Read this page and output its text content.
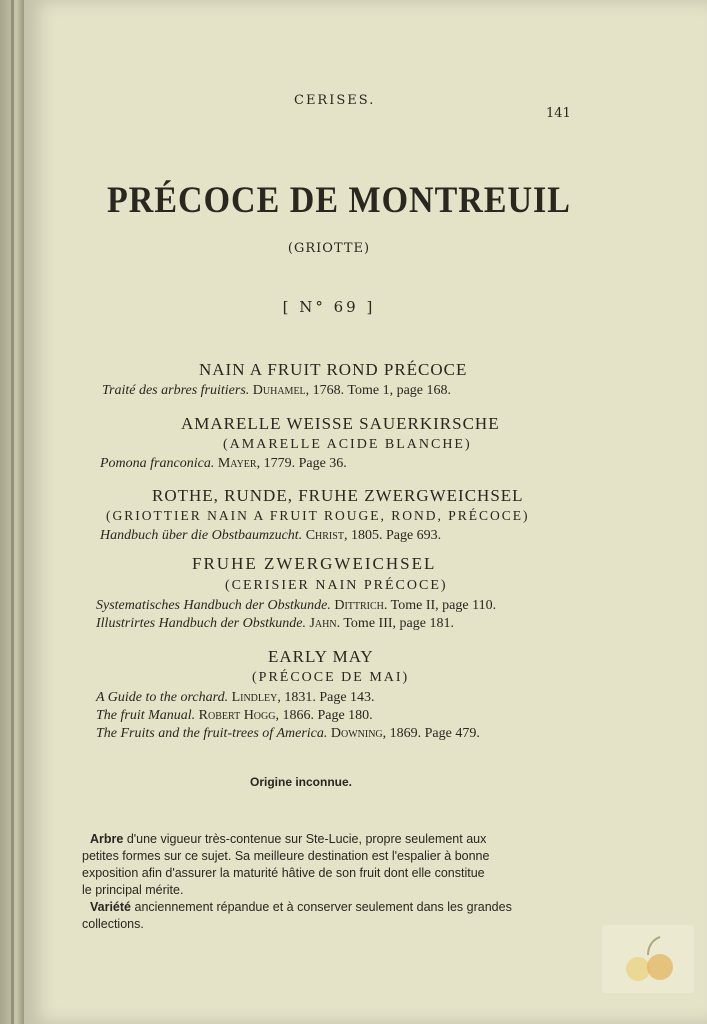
CERISES.
141
PRÉCOCE DE MONTREUIL
(GRIOTTE)
[ N° 69 ]
NAIN A FRUIT ROND PRÉCOCE
Traité des arbres fruitiers. Duhamel, 1768. Tome 1, page 168.
AMARELLE WEISSE SAUERKIRSCHE
(AMARELLE ACIDE BLANCHE)
Pomona franconica. Mayer, 1779. Page 36.
ROTHE, RUNDE, FRUHE ZWERGWEICHSEL
(GRIOTTIER NAIN A FRUIT ROUGE, ROND, PRÉCOCE)
Handbuch über die Obstbaumzucht. Christ, 1805. Page 693.
FRUHE ZWERGWEICHSEL
(CERISIER NAIN PRÉCOCE)
Systematisches Handbuch der Obstkunde. Dittrich. Tome II, page 110.
Illustrirtes Handbuch der Obstkunde. Jahn. Tome III, page 181.
EARLY MAY
(PRÉCOCE DE MAI)
A Guide to the orchard. Lindley, 1831. Page 143.
The fruit Manual. Robert Hogg, 1866. Page 180.
The Fruits and the fruit-trees of America. Downing, 1869. Page 479.
Origine inconnue.
Arbre d'une vigueur très-contenue sur Ste-Lucie, propre seulement aux
petites formes sur ce sujet. Sa meilleure destination est l'espalier à bonne
exposition afin d'assurer la maturité hâtive de son fruit dont elle constitue
le principal mérite.
Variété anciennement répandue et à conserver seulement dans les grandes
collections.
